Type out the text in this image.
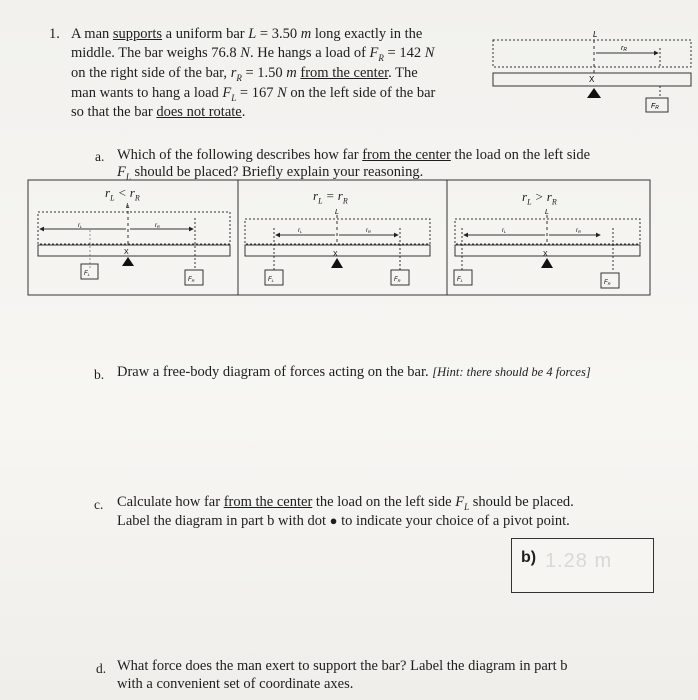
1. A man supports a uniform bar L = 3.50 m long exactly in the
middle. The bar weighs 76.8 N. He hangs a load of $F_R = 142$ N
on the right side of the bar, $r_R = 1.50$ m from the center. The
man wants to hang a load $F_L = 167$ N on the left side of the bar
so that the bar does not rotate.
a. Which of the following describes how far from the center the load on the left side
$F_L$ should be placed? Briefly explain your reasoning.
$r_L < r_R$	$r_L = r_R$	$r_L > r_R$
b. Draw a free-body diagram of forces acting on the bar. [Hint: there should be 4 forces]
c. Calculate how far from the center the load on the left side $F_L$ should be placed.
Label the diagram in part b with dot ● to indicate your choice of a pivot point.
b) 1.28 m
d. What force does the man exert to support the bar? Label the diagram in part b
with a convenient set of coordinate axes.
L
rR
X
FR
L
rL	rR
X
FL
FR
L
rL	rR
X
FL	FR
L
rL	rR
X
FL	FR
